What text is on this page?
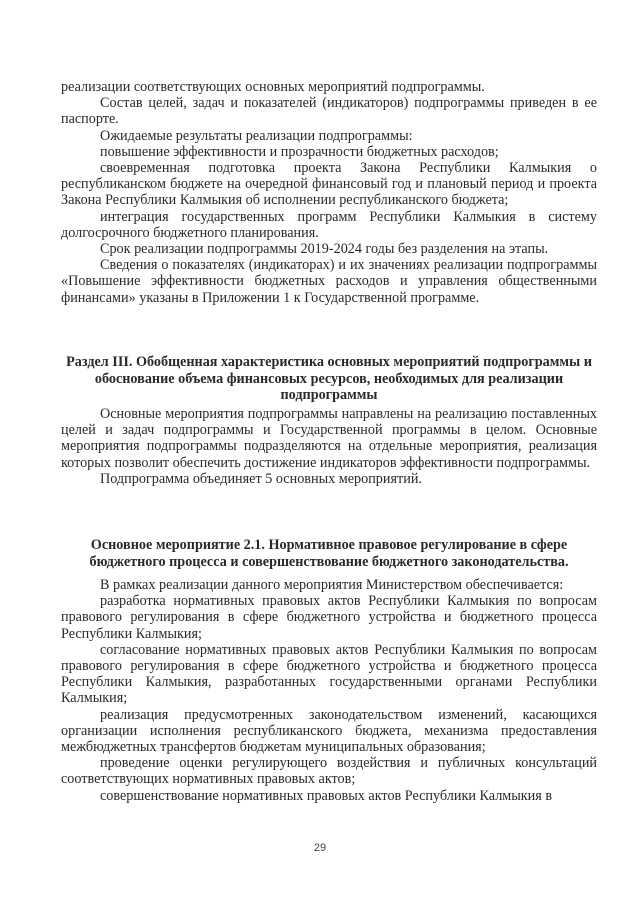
реализации соответствующих основных мероприятий подпрограммы.

Состав целей, задач и показателей (индикаторов) подпрограммы приведен в ее паспорте.

Ожидаемые результаты реализации подпрограммы:

повышение эффективности и прозрачности бюджетных расходов;

своевременная подготовка проекта Закона Республики Калмыкия о республиканском бюджете на очередной финансовый год и плановый период и проекта Закона Республики Калмыкия об исполнении республиканского бюджета;

интеграция государственных программ Республики Калмыкия в систему долгосрочного бюджетного планирования.

Срок реализации подпрограммы 2019-2024 годы без разделения на этапы.

Сведения о показателях (индикаторах) и их значениях реализации подпрограммы «Повышение эффективности бюджетных расходов и управления общественными финансами» указаны в Приложении 1 к Государственной программе.

Раздел III. Обобщенная характеристика основных мероприятий подпрограммы и обоснование объема финансовых ресурсов, необходимых для реализации подпрограммы

Основные мероприятия подпрограммы направлены на реализацию поставленных целей и задач подпрограммы и Государственной программы в целом. Основные мероприятия подпрограммы подразделяются на отдельные мероприятия, реализация которых позволит обеспечить достижение индикаторов эффективности подпрограммы.

Подпрограмма объединяет 5 основных мероприятий.

Основное мероприятие 2.1. Нормативное правовое регулирование в сфере бюджетного процесса и совершенствование бюджетного законодательства.

В рамках реализации данного мероприятия Министерством обеспечивается:

разработка нормативных правовых актов Республики Калмыкия по вопросам правового регулирования в сфере бюджетного устройства и бюджетного процесса Республики Калмыкия;

согласование нормативных правовых актов Республики Калмыкия по вопросам правового регулирования в сфере бюджетного устройства и бюджетного процесса Республики Калмыкия, разработанных государственными органами Республики Калмыкия;

реализация предусмотренных законодательством изменений, касающихся организации исполнения республиканского бюджета, механизма предоставления межбюджетных трансфертов бюджетам муниципальных образования;

проведение оценки регулирующего воздействия и публичных консультаций соответствующих нормативных правовых актов;

совершенствование нормативных правовых актов Республики Калмыкия в

29
